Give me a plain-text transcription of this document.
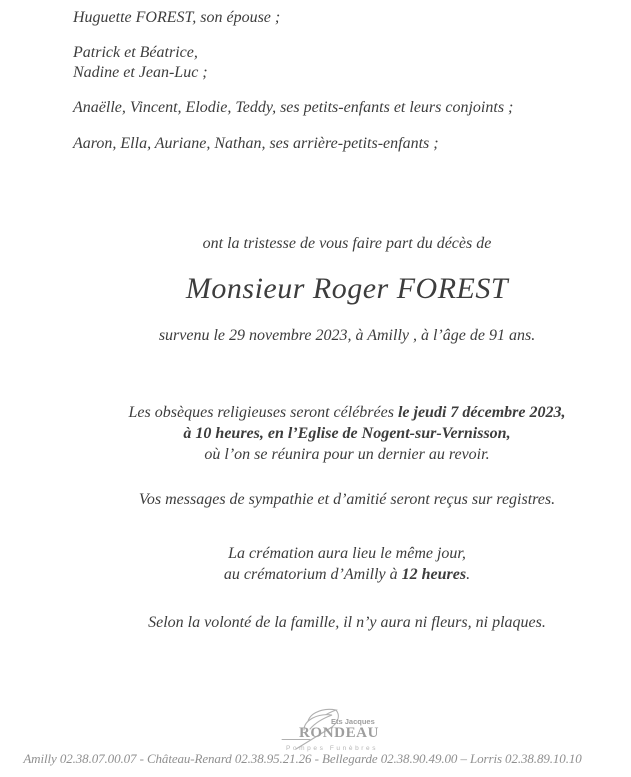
Huguette FOREST, son épouse ;
Patrick et Béatrice,
Nadine et Jean-Luc ;
Anaëlle, Vincent, Elodie, Teddy, ses petits-enfants et leurs conjoints ;
Aaron, Ella, Auriane, Nathan, ses arrière-petits-enfants ;
ont la tristesse de vous faire part du décès de
Monsieur Roger FOREST
survenu le 29 novembre 2023, à Amilly , à l’âge de 91 ans.
Les obsèques religieuses seront célébrées le jeudi 7 décembre 2023,
à 10 heures, en l’Eglise de Nogent-sur-Vernisson,
où l’on se réunira pour un dernier au revoir.
Vos messages de sympathie et d’amitié seront reçus sur registres.
La crémation aura lieu le même jour,
au crématorium d’Amilly à 12 heures.
Selon la volonté de la famille, il n’y aura ni fleurs, ni plaques.
Ets Jacques
RONDEAU
Pompes Funèbres
Amilly 02.38.07.00.07 - Château-Renard 02.38.95.21.26 - Bellegarde 02.38.90.49.00 – Lorris 02.38.89.10.10
